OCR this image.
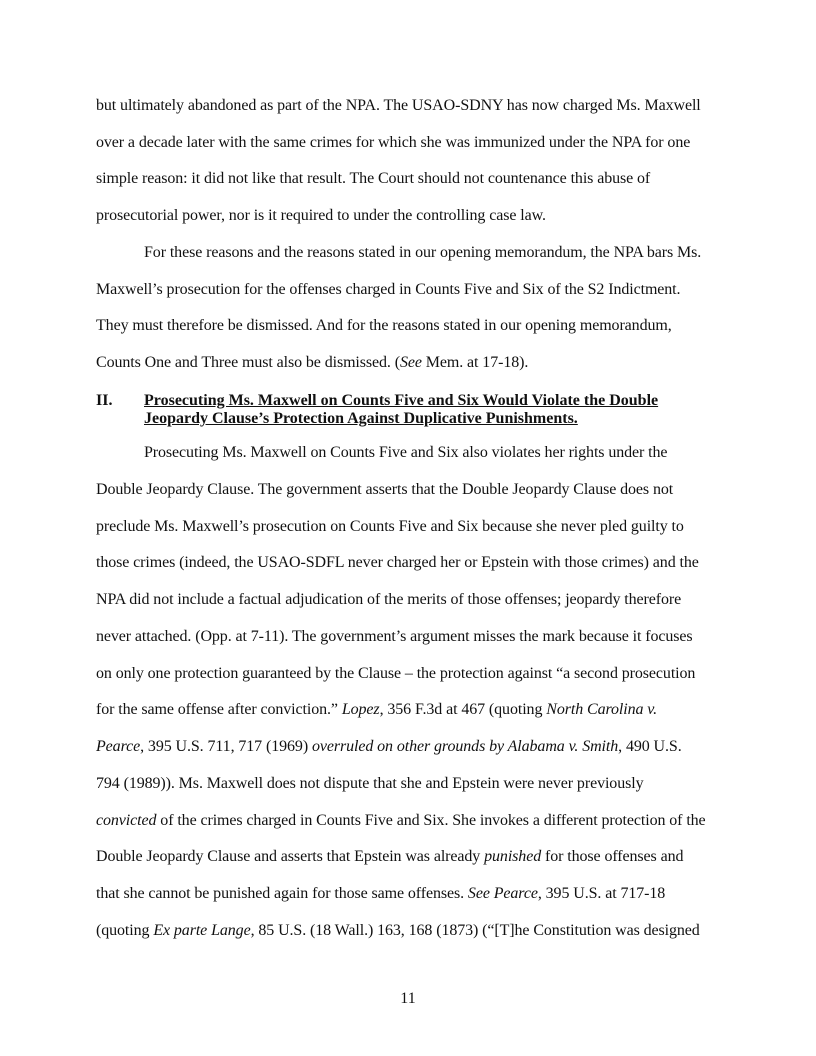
but ultimately abandoned as part of the NPA. The USAO-SDNY has now charged Ms. Maxwell
over a decade later with the same crimes for which she was immunized under the NPA for one
simple reason: it did not like that result. The Court should not countenance this abuse of
prosecutorial power, nor is it required to under the controlling case law.
For these reasons and the reasons stated in our opening memorandum, the NPA bars Ms.
Maxwell’s prosecution for the offenses charged in Counts Five and Six of the S2 Indictment.
They must therefore be dismissed. And for the reasons stated in our opening memorandum,
Counts One and Three must also be dismissed. (See Mem. at 17-18).
II. Prosecuting Ms. Maxwell on Counts Five and Six Would Violate the Double
Jeopardy Clause’s Protection Against Duplicative Punishments.
Prosecuting Ms. Maxwell on Counts Five and Six also violates her rights under the
Double Jeopardy Clause. The government asserts that the Double Jeopardy Clause does not
preclude Ms. Maxwell’s prosecution on Counts Five and Six because she never pled guilty to
those crimes (indeed, the USAO-SDFL never charged her or Epstein with those crimes) and the
NPA did not include a factual adjudication of the merits of those offenses; jeopardy therefore
never attached. (Opp. at 7-11). The government’s argument misses the mark because it focuses
on only one protection guaranteed by the Clause – the protection against “a second prosecution
for the same offense after conviction.” Lopez, 356 F.3d at 467 (quoting North Carolina v.
Pearce, 395 U.S. 711, 717 (1969) overruled on other grounds by Alabama v. Smith, 490 U.S.
794 (1989)). Ms. Maxwell does not dispute that she and Epstein were never previously
convicted of the crimes charged in Counts Five and Six. She invokes a different protection of the
Double Jeopardy Clause and asserts that Epstein was already punished for those offenses and
that she cannot be punished again for those same offenses. See Pearce, 395 U.S. at 717-18
(quoting Ex parte Lange, 85 U.S. (18 Wall.) 163, 168 (1873) (“[T]he Constitution was designed
11
